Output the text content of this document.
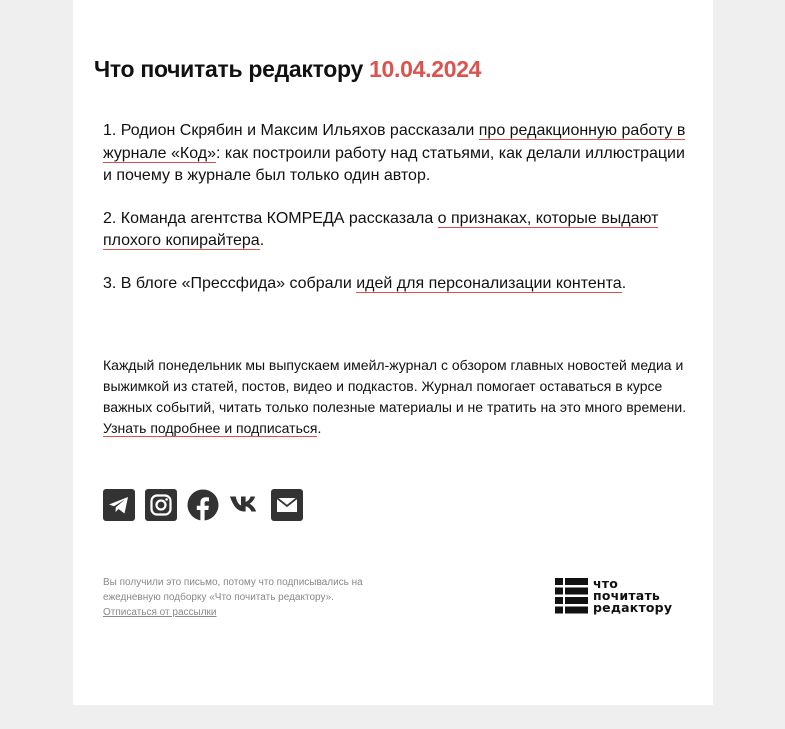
Что почитать редактору 10.04.2024

1. Родион Скрябин и Максим Ильяхов рассказали про редакционную работу в журнале «Код»: как построили работу над статьями, как делали иллюстрации и почему в журнале был только один автор.

2. Команда агентства КОМРЕДА рассказала о признаках, которые выдают плохого копирайтера.

3. В блоге «Прессфида» собрали идей для персонализации контента.

Каждый понедельник мы выпускаем имейл-журнал с обзором главных новостей медиа и выжимкой из статей, постов, видео и подкастов. Журнал помогает оставаться в курсе важных событий, читать только полезные материалы и не тратить на это много времени. Узнать подробнее и подписаться.

Вы получили это письмо, потому что подписывались на ежедневную подборку «Что почитать редактору».
Отписаться от рассылки

что
почитать
редактору
